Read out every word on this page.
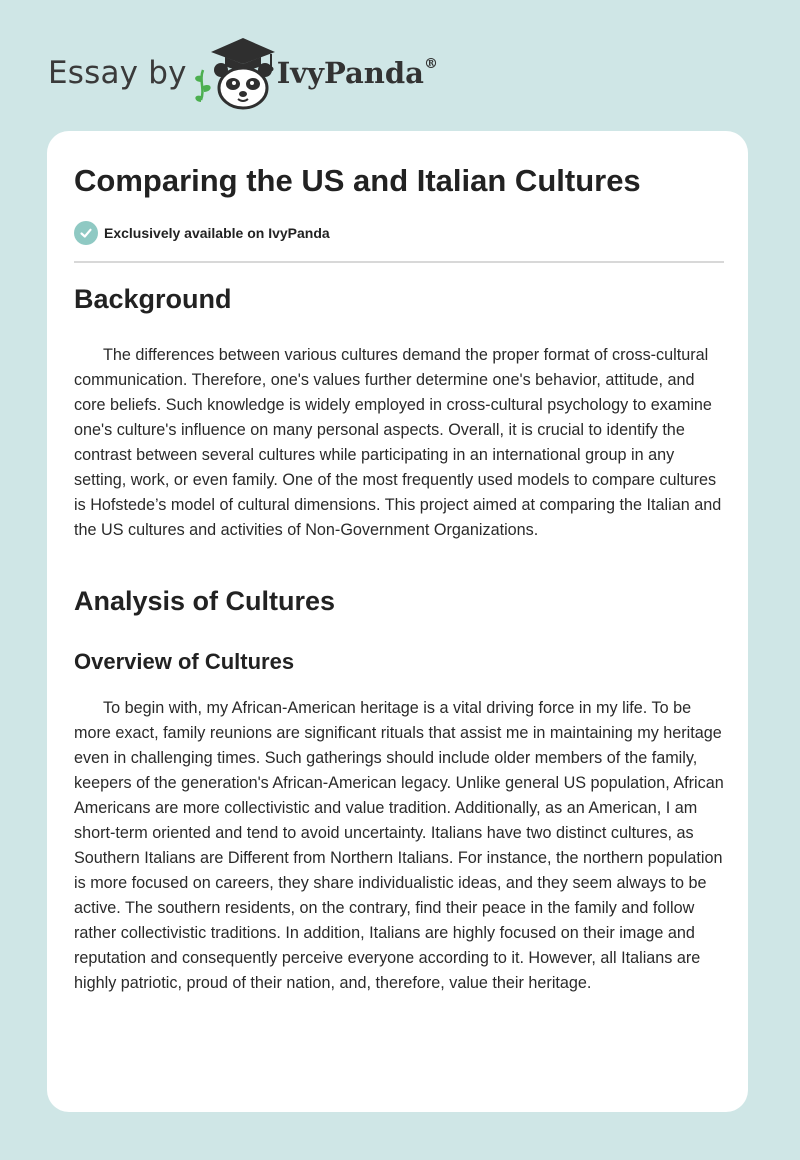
Essay by	IvyPanda®
Comparing the US and Italian Cultures
Exclusively available on IvyPanda
Background

The differences between various cultures demand the proper format of cross-cultural communication. Therefore, one's values further determine one's behavior, attitude, and core beliefs. Such knowledge is widely employed in cross-cultural psychology to examine one's culture's influence on many personal aspects. Overall, it is crucial to identify the contrast between several cultures while participating in an international group in any setting, work, or even family. One of the most frequently used models to compare cultures is Hofstede’s model of cultural dimensions. This project aimed at comparing the Italian and the US cultures and activities of Non-Government Organizations.

Analysis of Cultures
Overview of Cultures

To begin with, my African-American heritage is a vital driving force in my life. To be more exact, family reunions are significant rituals that assist me in maintaining my heritage even in challenging times. Such gatherings should include older members of the family, keepers of the generation's African-American legacy. Unlike general US population, African Americans are more collectivistic and value tradition. Additionally, as an American, I am short-term oriented and tend to avoid uncertainty. Italians have two distinct cultures, as Southern Italians are Different from Northern Italians. For instance, the northern population is more focused on careers, they share individualistic ideas, and they seem always to be active. The southern residents, on the contrary, find their peace in the family and follow rather collectivistic traditions. In addition, Italians are highly focused on their image and reputation and consequently perceive everyone according to it. However, all Italians are highly patriotic, proud of their nation, and, therefore, value their heritage.
